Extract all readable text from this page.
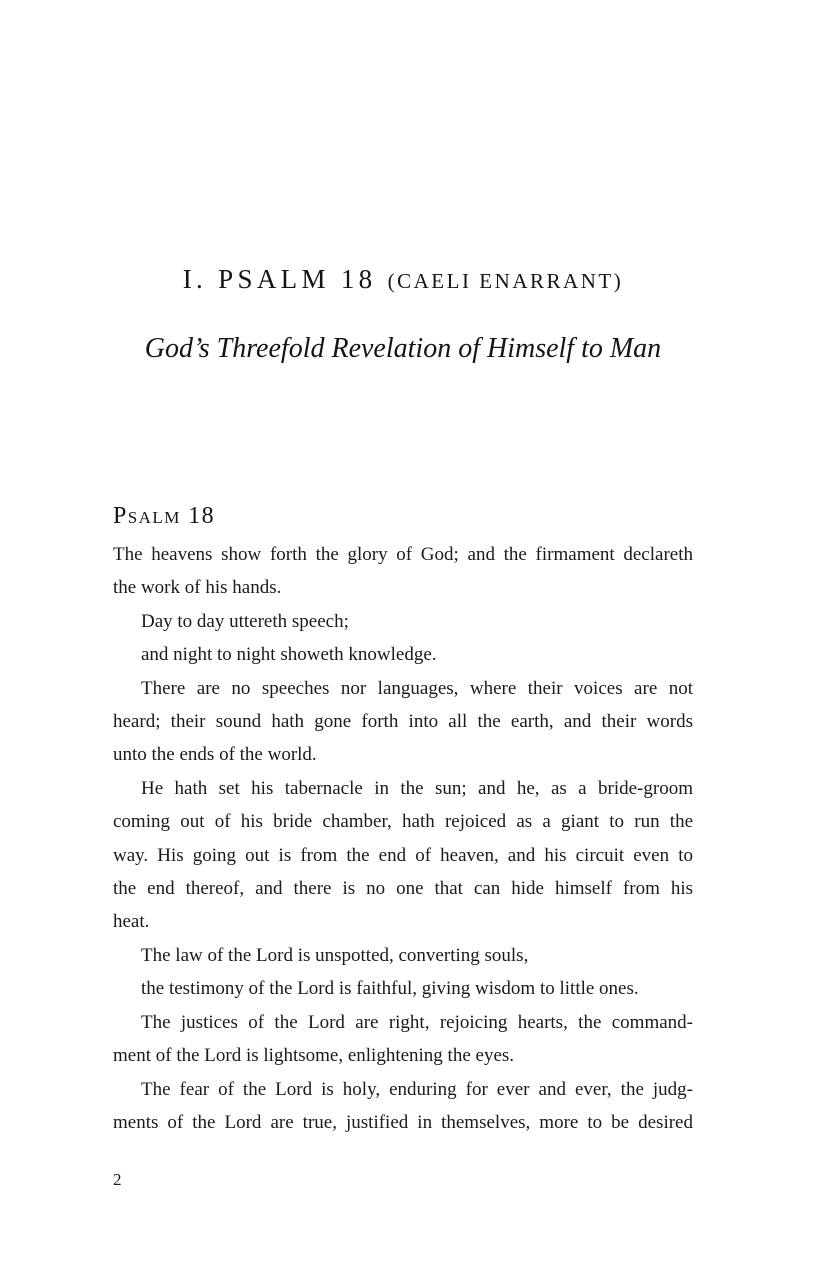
I. PSALM 18 (CAELI ENARRANT)
God’s Threefold Revelation of Himself to Man
Psalm 18
The heavens show forth the glory of God; and the firmament declareth
the work of his hands.
Day to day uttereth speech;
and night to night showeth knowledge.
There are no speeches nor languages, where their voices are not
heard; their sound hath gone forth into all the earth, and their words
unto the ends of the world.
He hath set his tabernacle in the sun; and he, as a bride-groom
coming out of his bride chamber, hath rejoiced as a giant to run the
way. His going out is from the end of heaven, and his circuit even to
the end thereof, and there is no one that can hide himself from his
heat.
The law of the Lord is unspotted, converting souls,
the testimony of the Lord is faithful, giving wisdom to little ones.
The justices of the Lord are right, rejoicing hearts, the command-
ment of the Lord is lightsome, enlightening the eyes.
The fear of the Lord is holy, enduring for ever and ever, the judg-
ments of the Lord are true, justified in themselves, more to be desired
2
